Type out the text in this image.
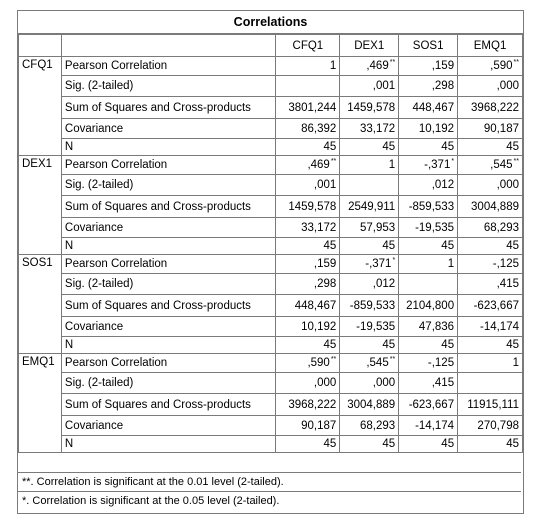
Correlations
		CFQ1	DEX1	SOS1	EMQ1
CFQ1	Pearson Correlation	1	,469**	,159	,590**
	Sig. (2-tailed)		,001	,298	,000
	Sum of Squares and Cross-products	3801,244	1459,578	448,467	3968,222
	Covariance	86,392	33,172	10,192	90,187
	N	45	45	45	45
DEX1	Pearson Correlation	,469**	1	-,371*	,545**
	Sig. (2-tailed)	,001		,012	,000
	Sum of Squares and Cross-products	1459,578	2549,911	-859,533	3004,889
	Covariance	33,172	57,953	-19,535	68,293
	N	45	45	45	45
SOS1	Pearson Correlation	,159	-,371*	1	-,125
	Sig. (2-tailed)	,298	,012		,415
	Sum of Squares and Cross-products	448,467	-859,533	2104,800	-623,667
	Covariance	10,192	-19,535	47,836	-14,174
	N	45	45	45	45
EMQ1	Pearson Correlation	,590**	,545**	-,125	1
	Sig. (2-tailed)	,000	,000	,415	
	Sum of Squares and Cross-products	3968,222	3004,889	-623,667	11915,111
	Covariance	90,187	68,293	-14,174	270,798
	N	45	45	45	45
**. Correlation is significant at the 0.01 level (2-tailed).
*. Correlation is significant at the 0.05 level (2-tailed).
